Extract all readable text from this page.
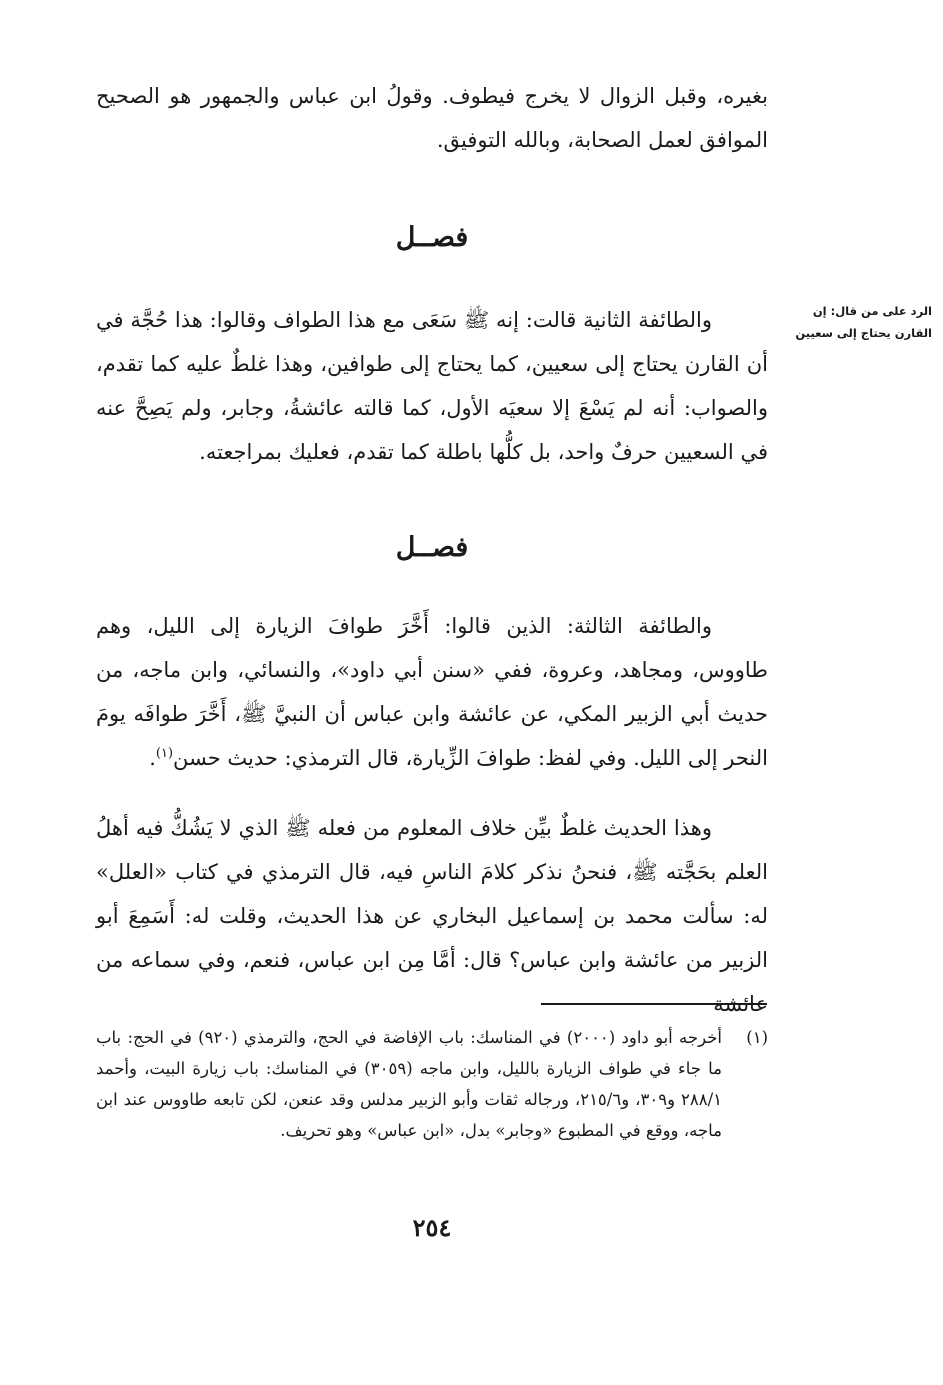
بغيره، وقبل الزوال لا يخرج فيطوف. وقولُ ابن عباس والجمهور هو الصحيح الموافق لعمل الصحابة، وبالله التوفيق.

فصــل
الرد على من قال: إن القارن يحتاج إلى سعيين

والطائفة الثانية قالت: إنه ﷺ سَعَى مع هذا الطواف وقالوا: هذا حُجَّة في أن القارن يحتاج إلى سعيين، كما يحتاج إلى طوافين، وهذا غلطٌ عليه كما تقدم، والصواب: أنه لم يَسْعَ إلا سعيَه الأول، كما قالته عائشةُ، وجابر، ولم يَصِحَّ عنه في السعيين حرفٌ واحد، بل كلُّها باطلة كما تقدم، فعليك بمراجعته.

فصــل

والطائفة الثالثة: الذين قالوا: أَخَّرَ طوافَ الزيارة إلى الليل، وهم طاووس، ومجاهد، وعروة، ففي «سنن أبي داود»، والنسائي، وابن ماجه، من حديث أبي الزبير المكي، عن عائشة وابن عباس أن النبيَّ ﷺ، أَخَّرَ طوافَه يومَ النحر إلى الليل. وفي لفظ: طوافَ الزِّيارة، قال الترمذي: حديث حسن$^{(١)}$.

وهذا الحديث غلطٌ بيِّن خلاف المعلوم من فعله ﷺ الذي لا يَشُكُّ فيه أهلُ العلم بحَجَّته ﷺ، فنحنُ نذكر كلامَ الناسِ فيه، قال الترمذي في كتاب «العلل» له: سألت محمد بن إسماعيل البخاري عن هذا الحديث، وقلت له: أَسَمِعَ أبو الزبير من عائشة وابن عباس؟ قال: أمَّا مِن ابن عباس، فنعم، وفي سماعه من عائشة

(١)

أخرجه أبو داود (٢٠٠٠) في المناسك: باب الإفاضة في الحج، والترمذي (٩٢٠) في الحج: باب ما جاء في طواف الزيارة بالليل، وابن ماجه (٣٠٥٩) في المناسك: باب زيارة البيت، وأحمد ٢٨٨/١ و٣٠٩، و٢١٥/٦، ورجاله ثقات وأبو الزبير مدلس وقد عنعن، لكن تابعه طاووس عند ابن ماجه، ووقع في المطبوع «وجابر» بدل، «ابن عباس» وهو تحريف.

٢٥٤
